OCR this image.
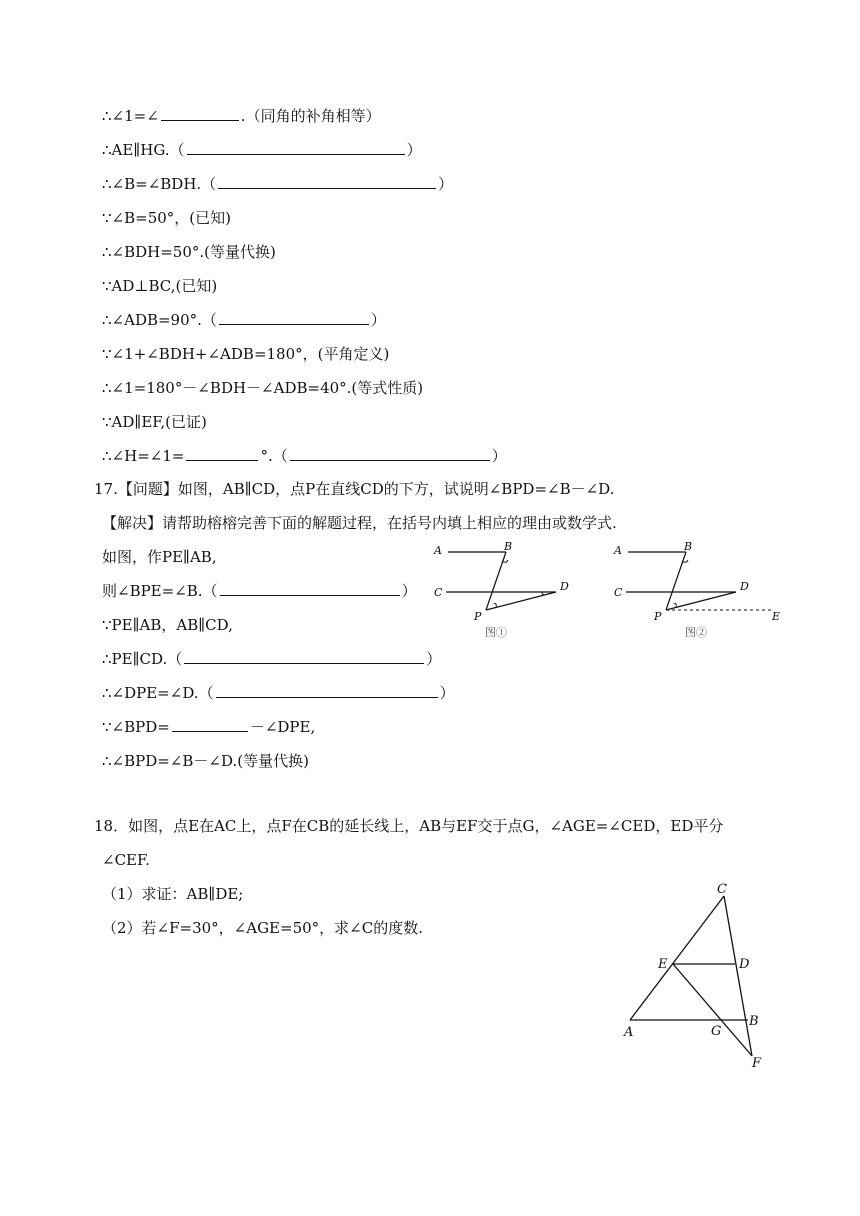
∴∠1=∠	.（同角的补角相等）
∴AE∥HG.（	）
∴∠B=∠BDH.（	）
∵∠B=50°，(已知)
∴∠BDH=50°.(等量代换)
∵AD⊥BC,(已知)
∴∠ADB=90°.（	）
∵∠1+∠BDH+∠ADB=180°，(平角定义)
∴∠1=180°－∠BDH－∠ADB=40°.(等式性质)
∵AD∥EF,(已证)
∴∠H=∠1=	°.（	）
17.【问题】如图，AB∥CD，点P在直线CD的下方，试说明∠BPD=∠B－∠D.
【解决】请帮助榕榕完善下面的解题过程，在括号内填上相应的理由或数学式.
如图，作PE∥AB,
则∠BPE=∠B.（	）
∵PE∥AB，AB∥CD,
∴PE∥CD.（	）
∴∠DPE=∠D.（	）
∵∠BPD=	－∠DPE,
∴∠BPD=∠B－∠D.(等量代换)
A	B
C	D
P
图①
A	B
C	D
P	E
图②
18．如图，点E在AC上，点F在CB的延长线上，AB与EF交于点G，∠AGE=∠CED，ED平分
∠CEF.
（1）求证：AB∥DE;
（2）若∠F=30°，∠AGE=50°，求∠C的度数.
C
E	D
A	G
B
F
